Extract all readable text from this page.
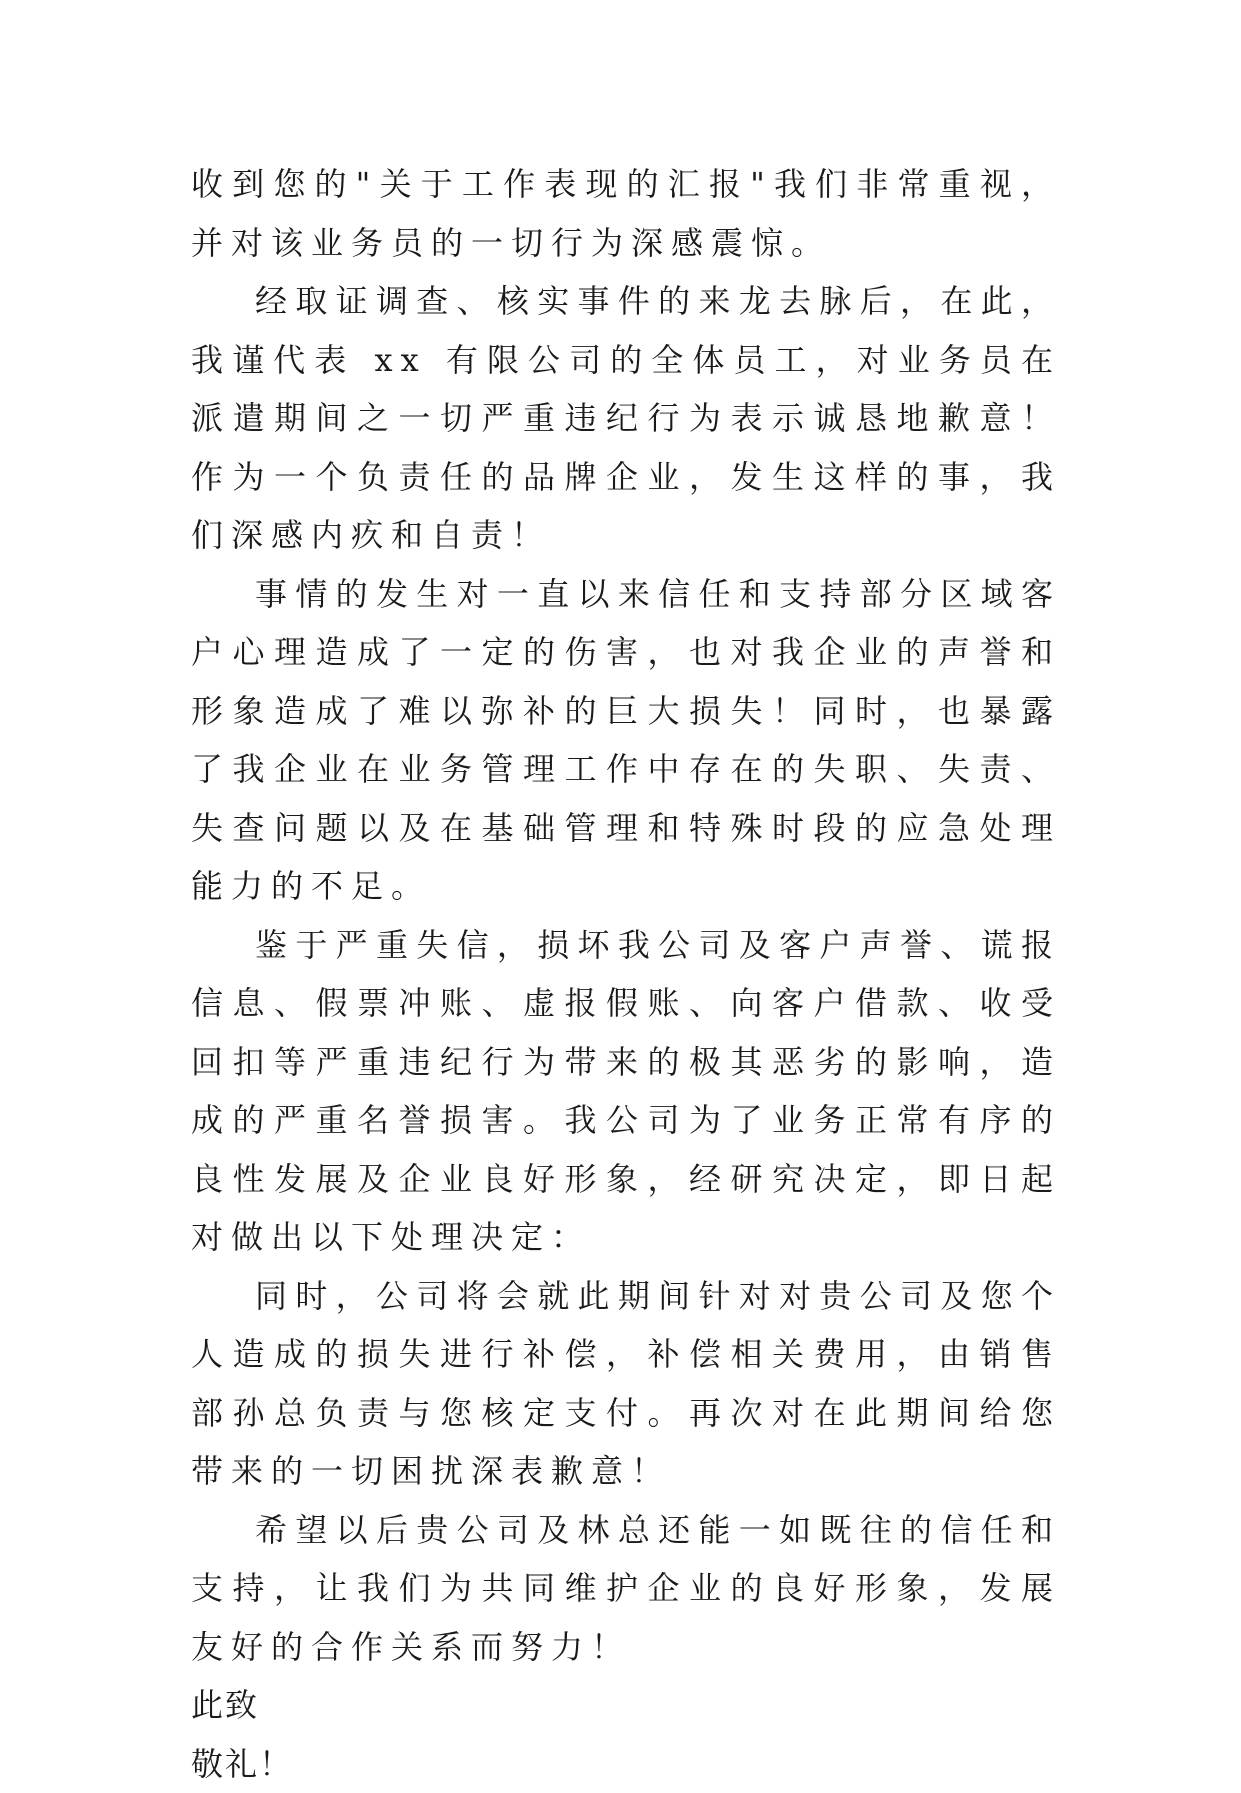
收到您的"关于工作表现的汇报"我们非常重视，并对该业务员的一切行为深感震惊。

经取证调查、核实事件的来龙去脉后，在此，我谨代表 xx 有限公司的全体员工，对业务员在派遣期间之一切严重违纪行为表示诚恳地歉意！作为一个负责任的品牌企业，发生这样的事，我们深感内疚和自责！

事情的发生对一直以来信任和支持部分区域客户心理造成了一定的伤害，也对我企业的声誉和形象造成了难以弥补的巨大损失！同时，也暴露了我企业在业务管理工作中存在的失职、失责、失查问题以及在基础管理和特殊时段的应急处理能力的不足。

鉴于严重失信，损坏我公司及客户声誉、谎报信息、假票冲账、虚报假账、向客户借款、收受回扣等严重违纪行为带来的极其恶劣的影响，造成的严重名誉损害。我公司为了业务正常有序的良性发展及企业良好形象，经研究决定，即日起对做出以下处理决定：

同时，公司将会就此期间针对对贵公司及您个人造成的损失进行补偿，补偿相关费用，由销售部孙总负责与您核定支付。再次对在此期间给您带来的一切困扰深表歉意！

希望以后贵公司及林总还能一如既往的信任和支持，让我们为共同维护企业的良好形象，发展友好的合作关系而努力！

此致

敬礼！
